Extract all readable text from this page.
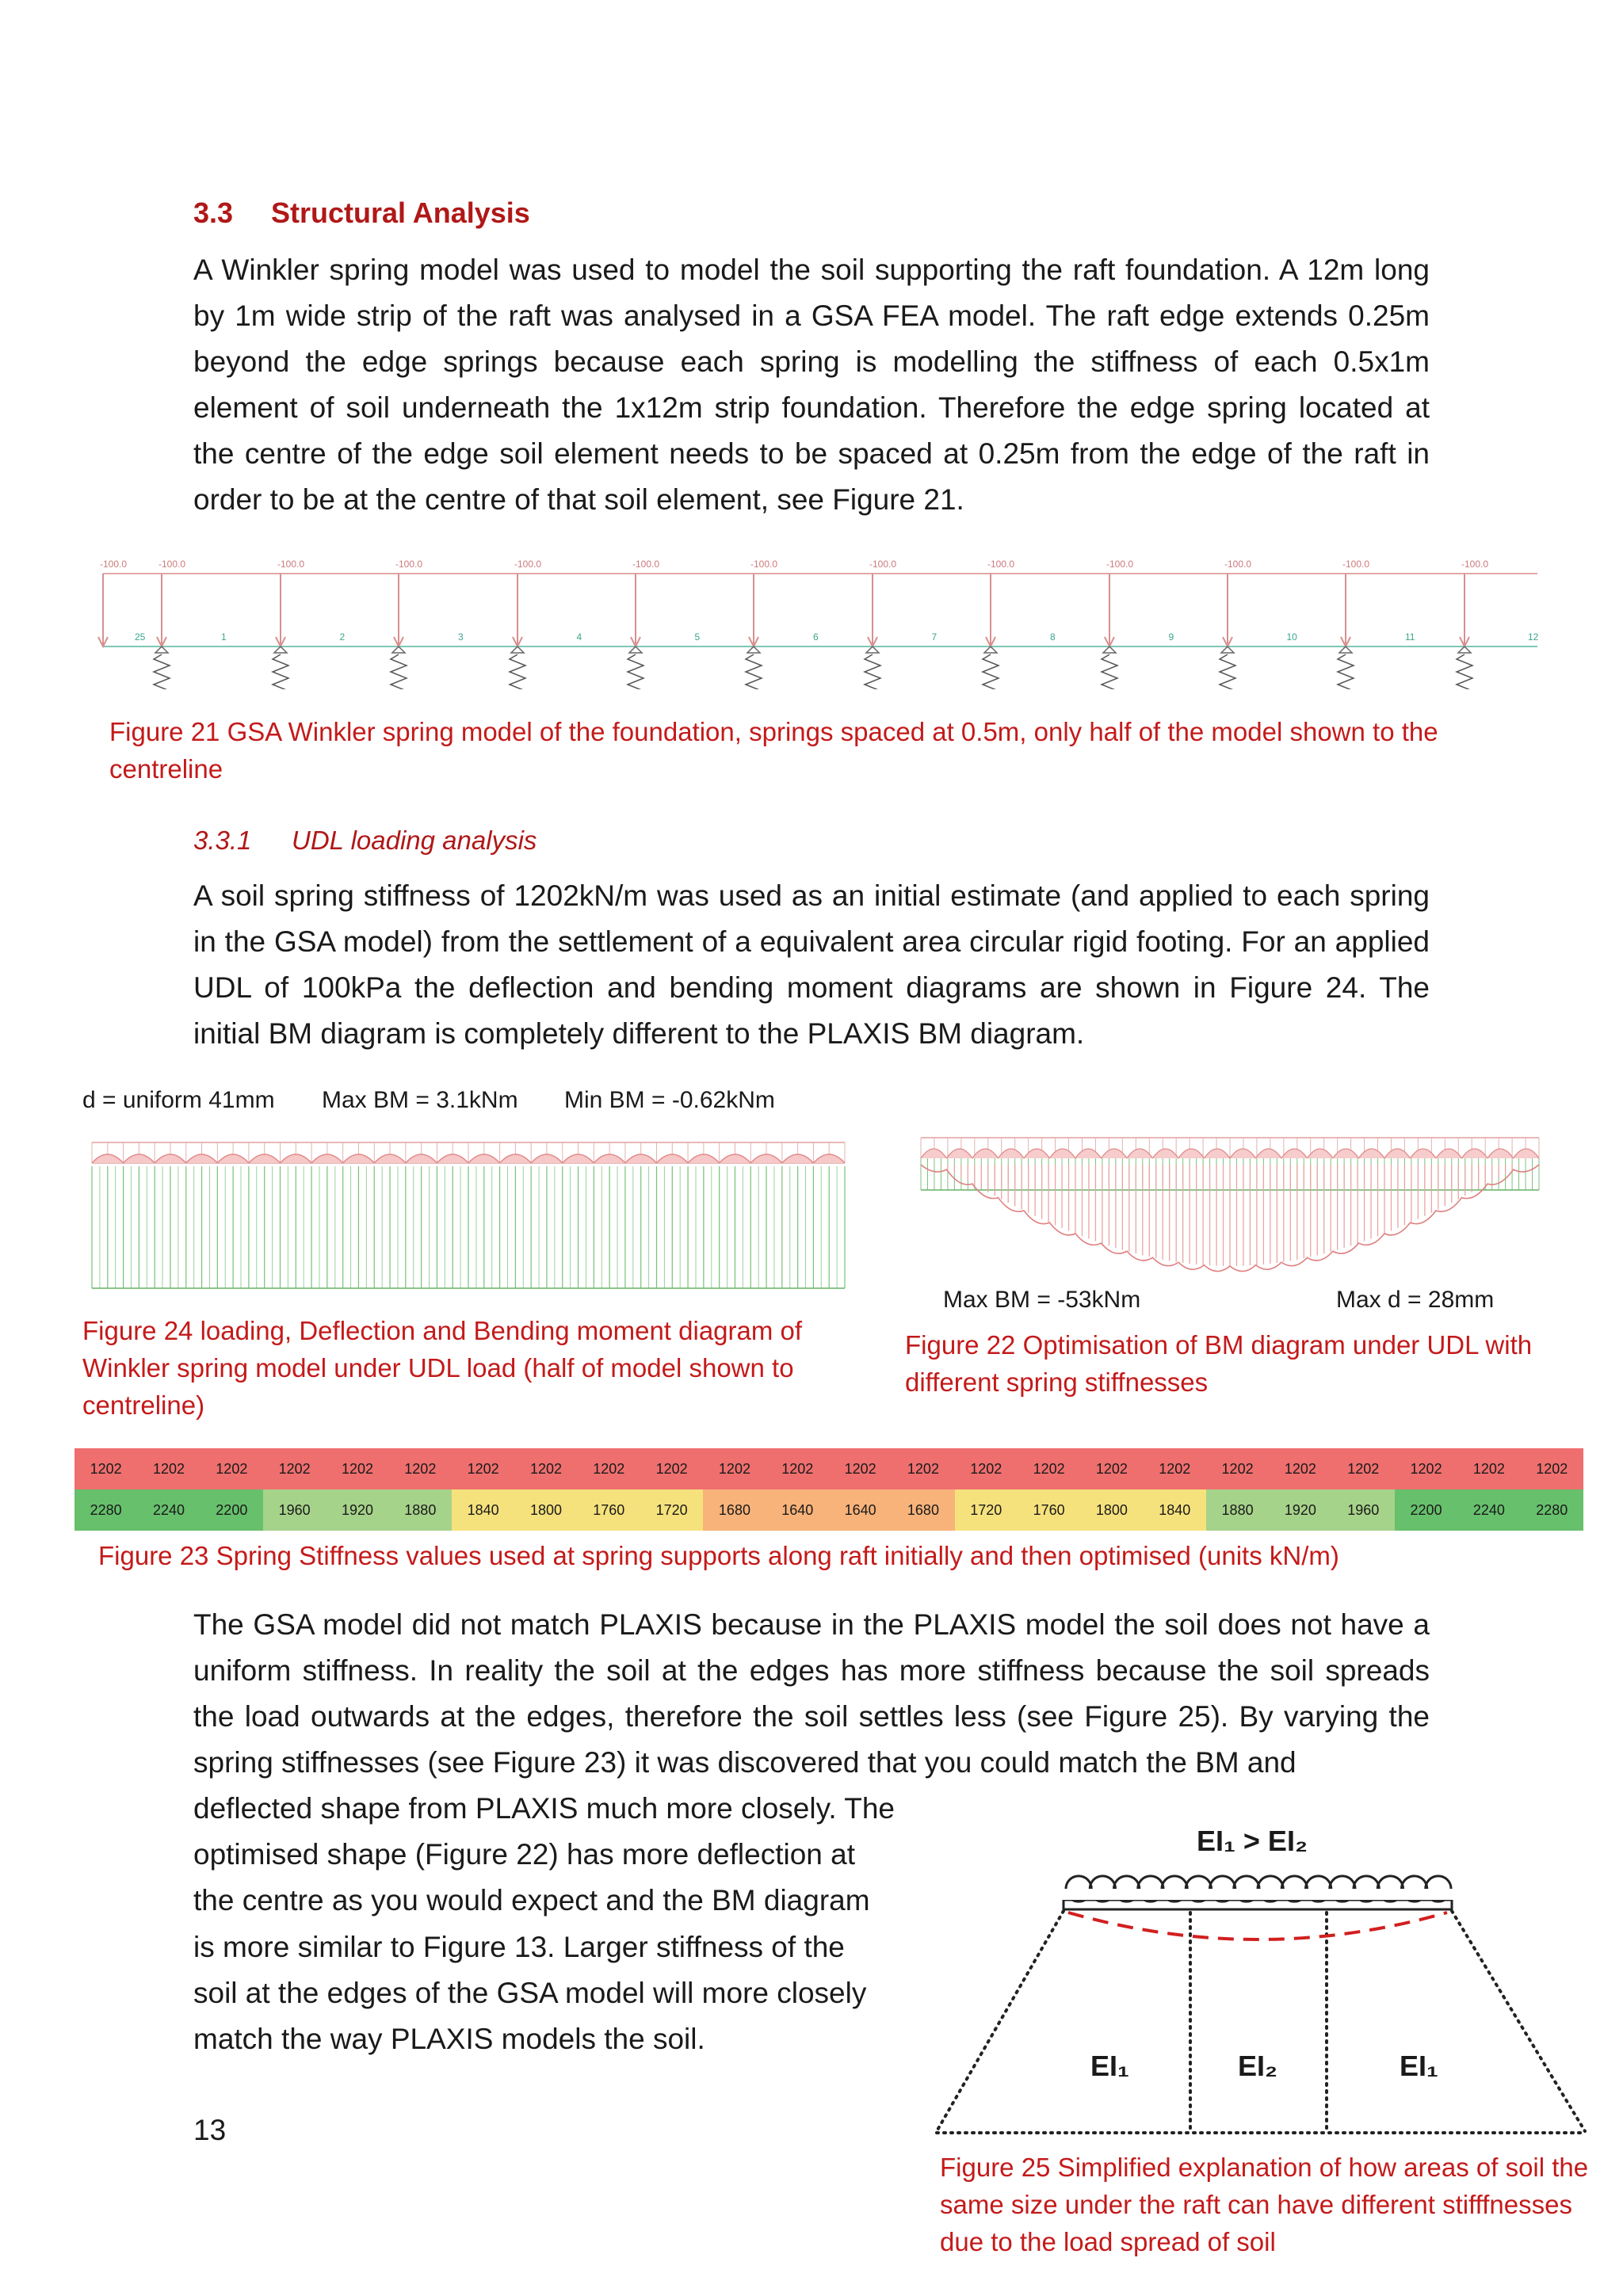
3.3 Structural Analysis
A Winkler spring model was used to model the soil supporting the raft foundation. A 12m long by 1m wide strip of the raft was analysed in a GSA FEA model. The raft edge extends 0.25m beyond the edge springs because each spring is modelling the stiffness of each 0.5x1m element of soil underneath the 1x12m strip foundation. Therefore the edge spring located at the centre of the edge soil element needs to be spaced at 0.25m from the edge of the raft in order to be at the centre of that soil element, see Figure 21.
-100.0
25
-100.0
1
-100.0
2
-100.0
3
-100.0
4
-100.0
5
-100.0
6
-100.0
7
-100.0
8
-100.0
9
-100.0
10
-100.0
11
-100.0
12
Figure 21 GSA Winkler spring model of the foundation, springs spaced at 0.5m, only half of the model shown to the centreline
3.3.1 UDL loading analysis
A soil spring stiffness of 1202kN/m was used as an initial estimate (and applied to each spring in the GSA model) from the settlement of a equivalent area circular rigid footing. For an applied UDL of 100kPa the deflection and bending moment diagrams are shown in Figure 24. The initial BM diagram is completely different to the PLAXIS BM diagram.
d = uniform 41mm Max BM = 3.1kNm Min BM = -0.62kNm
Figure 24 loading, Deflection and Bending moment diagram of Winkler spring model under UDL load (half of model shown to centreline)
Max BM = -53kNm	Max d = 28mm
Figure 22 Optimisation of BM diagram under UDL with different spring stiffnesses
1202	1202	1202	1202	1202	1202	1202	1202	1202	1202	1202	1202	1202	1202	1202	1202	1202	1202	1202	1202	1202	1202	1202	1202
2280	2240	2200	1960	1920	1880	1840	1800	1760	1720	1680	1640	1640	1680	1720	1760	1800	1840	1880	1920	1960	2200	2240	2280
Figure 23 Spring Stiffness values used at spring supports along raft initially and then optimised (units kN/m)
The GSA model did not match PLAXIS because in the PLAXIS model the soil does not have a uniform stiffness. In reality the soil at the edges has more stiffness because the soil spreads the load outwards at the edges, therefore the soil settles less (see Figure 25). By varying the spring stiffnesses (see Figure 23) it was discovered that you could match the BM and
deflected shape from PLAXIS much more closely. The
optimised shape (Figure 22) has more deflection at
the centre as you would expect and the BM diagram
is more similar to Figure 13. Larger stiffness of the
soil at the edges of the GSA model will more closely
match the way PLAXIS models the soil.
EI₁ > EI₂
EI₁	EI₂	EI₁
Figure 25 Simplified explanation of how areas of soil the same size under the raft can have different stifffnesses due to the load spread of soil
13
